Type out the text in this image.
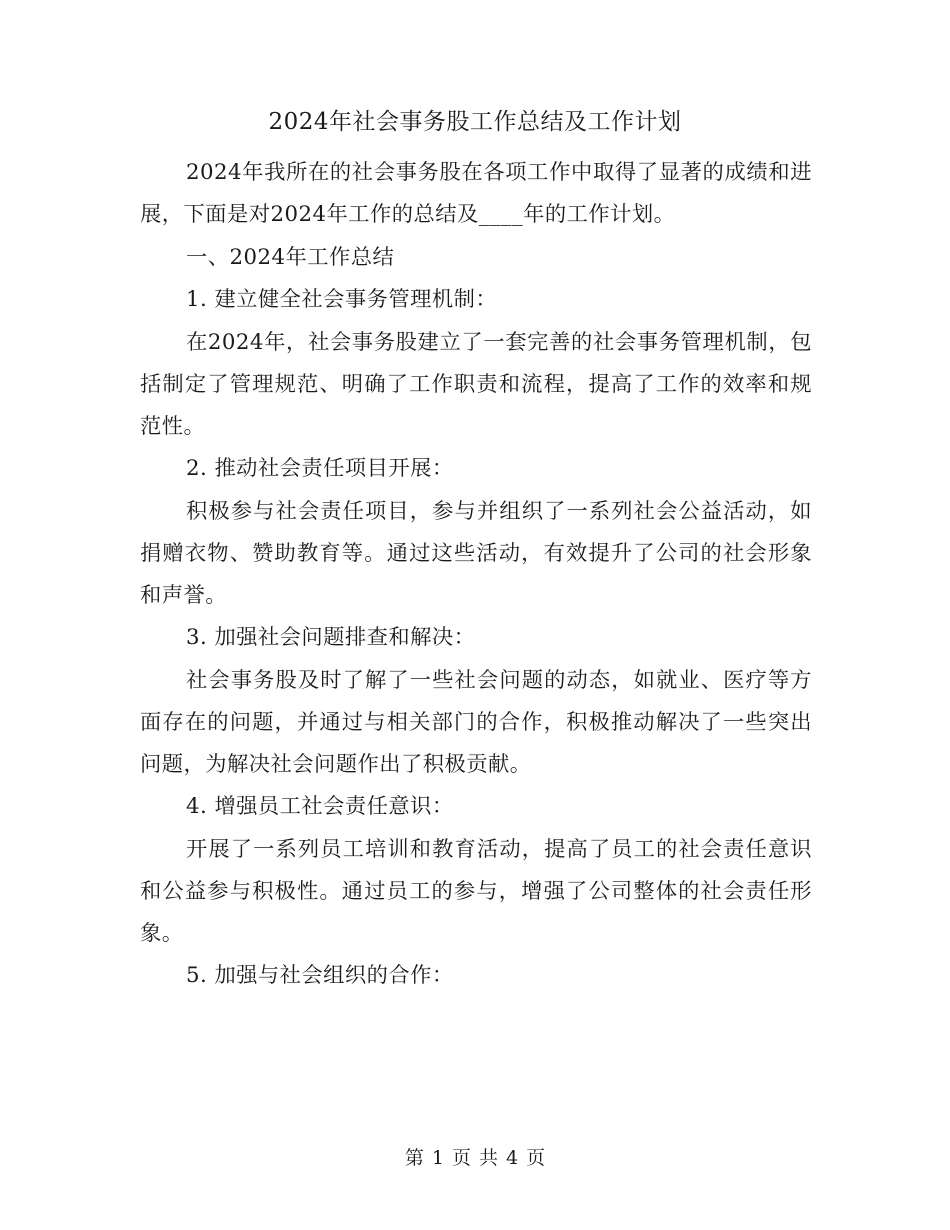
2024年社会事务股工作总结及工作计划

2024年我所在的社会事务股在各项工作中取得了显著的成绩和进展，下面是对2024年工作的总结及____年的工作计划。

一、2024年工作总结

1. 建立健全社会事务管理机制：

在2024年，社会事务股建立了一套完善的社会事务管理机制，包括制定了管理规范、明确了工作职责和流程，提高了工作的效率和规范性。

2. 推动社会责任项目开展：

积极参与社会责任项目，参与并组织了一系列社会公益活动，如捐赠衣物、赞助教育等。通过这些活动，有效提升了公司的社会形象和声誉。

3. 加强社会问题排查和解决：

社会事务股及时了解了一些社会问题的动态，如就业、医疗等方面存在的问题，并通过与相关部门的合作，积极推动解决了一些突出问题，为解决社会问题作出了积极贡献。

4. 增强员工社会责任意识：

开展了一系列员工培训和教育活动，提高了员工的社会责任意识和公益参与积极性。通过员工的参与，增强了公司整体的社会责任形象。

5. 加强与社会组织的合作：

第 1 页 共 4 页
